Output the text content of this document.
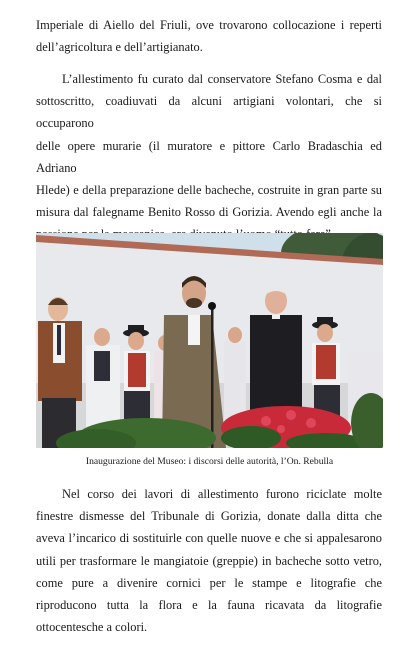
Imperiale di Aiello del Friuli, ove trovarono collocazione i reperti
dell’agricoltura e dell’artigianato.
L’allestimento fu curato dal conservatore Stefano Cosma e dal
sottoscritto, coadiuvati da alcuni artigiani volontari, che si occuparono
delle opere murarie (il muratore e pittore Carlo Bradaschia ed Adriano
Hlede) e della preparazione delle bacheche, costruite in gran parte su
misura dal falegname Benito Rosso di Gorizia. Avendo egli anche la
Inaugurazione del Museo: i discorsi delle autorità, l’On. Rebulla
Nel corso dei lavori di allestimento furono riciclate molte
finestre dismesse del Tribunale di Gorizia, donate dalla ditta che
aveva l’incarico di sostituirle con quelle nuove e che si appalesarono
utili per trasformare le mangiatoie (greppie) in bacheche sotto vetro,
come pure a divenire cornici per le stampe e litografie che
riproducono tutta la flora e la fauna ricavata da litografie
ottocentesche a colori.
